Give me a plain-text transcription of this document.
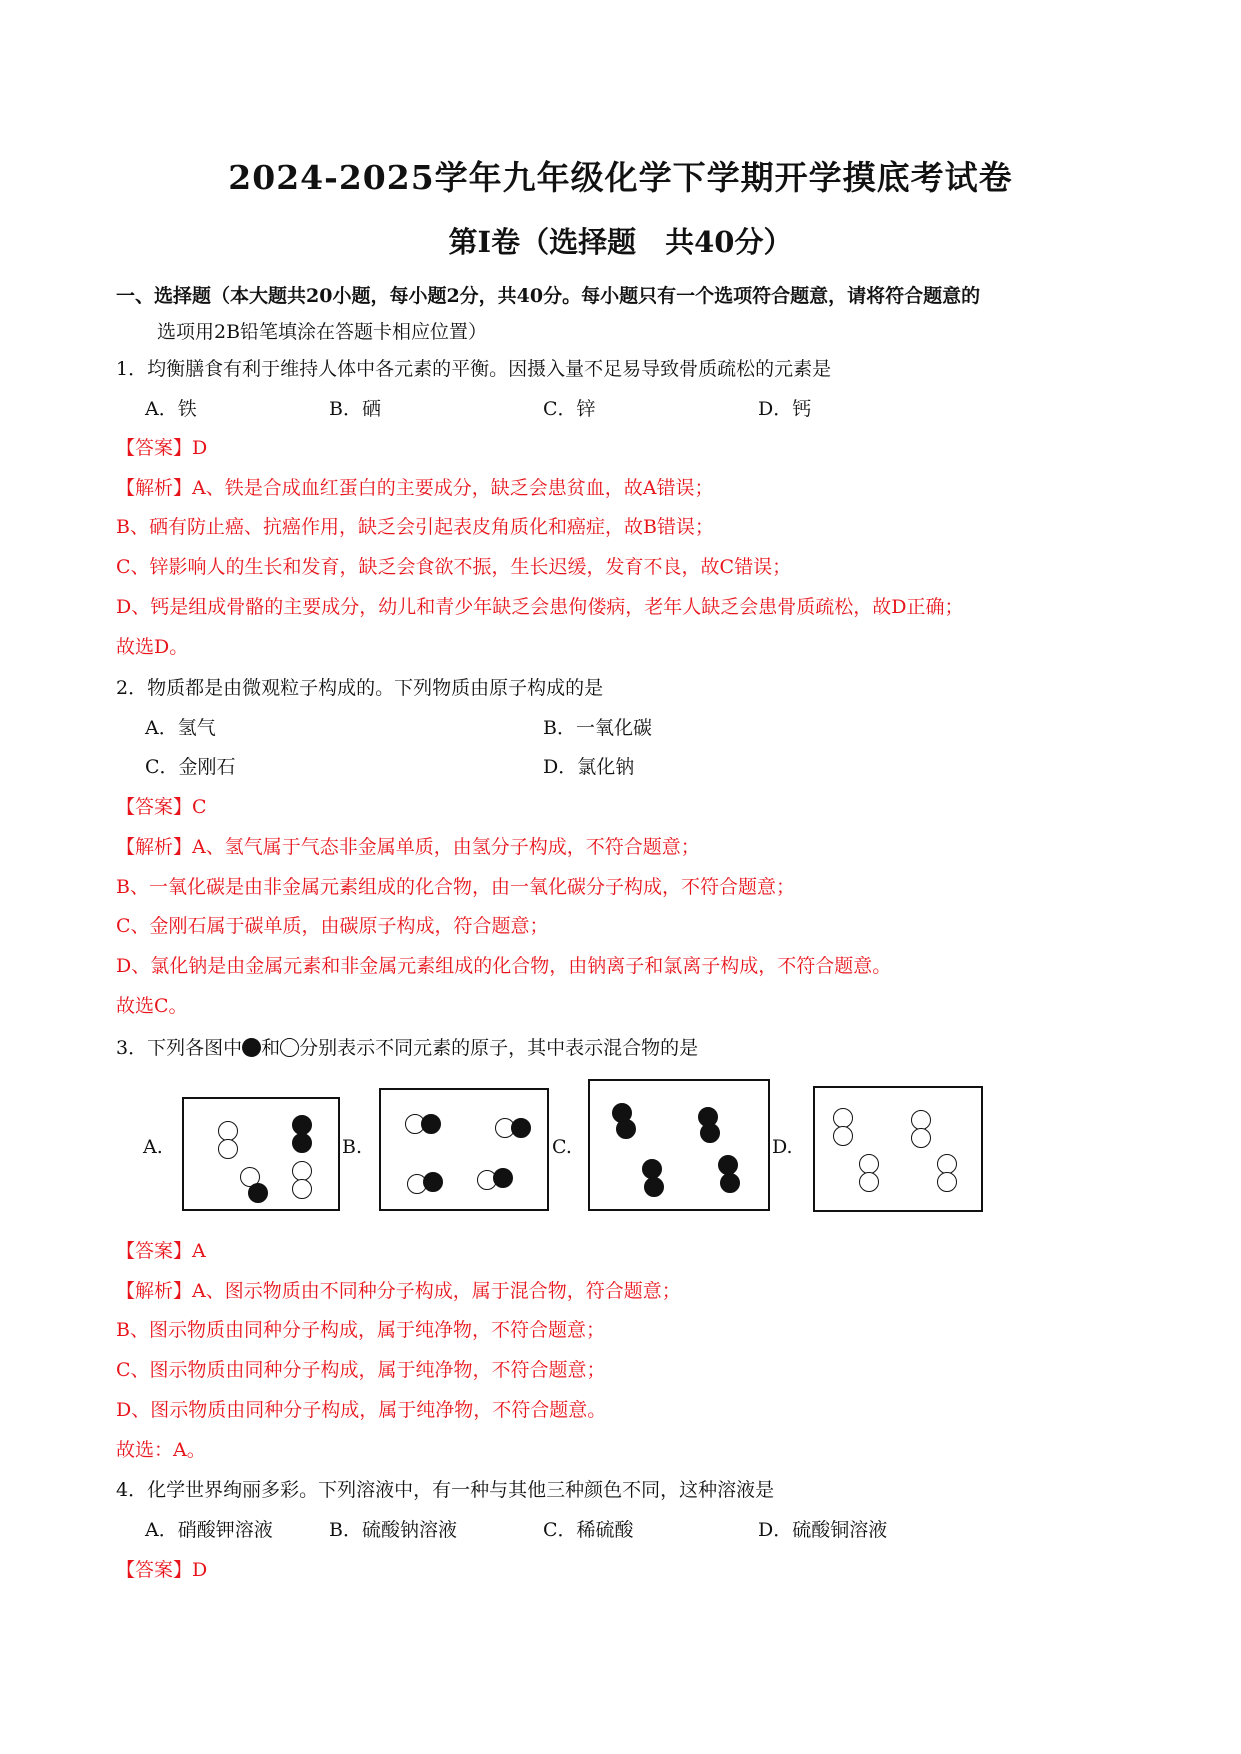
2024-2025学年九年级化学下学期开学摸底考试卷
第Ⅰ卷（选择题　共40分）
一、选择题（本大题共20小题，每小题2分，共40分。每小题只有一个选项符合题意，请将符合题意的
选项用2B铅笔填涂在答题卡相应位置）
1．均衡膳食有利于维持人体中各元素的平衡。因摄入量不足易导致骨质疏松的元素是
A．铁	B．硒	C．锌	D．钙
【答案】D
【解析】A、铁是合成血红蛋白的主要成分，缺乏会患贫血，故A错误；
B、硒有防止癌、抗癌作用，缺乏会引起表皮角质化和癌症，故B错误；
C、锌影响人的生长和发育，缺乏会食欲不振，生长迟缓，发育不良，故C错误；
D、钙是组成骨骼的主要成分，幼儿和青少年缺乏会患佝偻病，老年人缺乏会患骨质疏松，故D正确；
故选D。
2．物质都是由微观粒子构成的。下列物质由原子构成的是
A．氢气	B．一氧化碳
C．金刚石	D．氯化钠
【答案】C
【解析】A、氢气属于气态非金属单质，由氢分子构成，不符合题意；
B、一氧化碳是由非金属元素组成的化合物，由一氧化碳分子构成，不符合题意；
C、金刚石属于碳单质，由碳原子构成，符合题意；
D、氯化钠是由金属元素和非金属元素组成的化合物，由钠离子和氯离子构成，不符合题意。
故选C。
3．下列各图中 和 分别表示不同元素的原子，其中表示混合物的是
A.	B.	C.	D.
【答案】A
【解析】A、图示物质由不同种分子构成，属于混合物，符合题意；
B、图示物质由同种分子构成，属于纯净物，不符合题意；
C、图示物质由同种分子构成，属于纯净物，不符合题意；
D、图示物质由同种分子构成，属于纯净物，不符合题意。
故选：A。
4．化学世界绚丽多彩。下列溶液中，有一种与其他三种颜色不同，这种溶液是
A．硝酸钾溶液	B．硫酸钠溶液	C．稀硫酸	D．硫酸铜溶液
【答案】D
